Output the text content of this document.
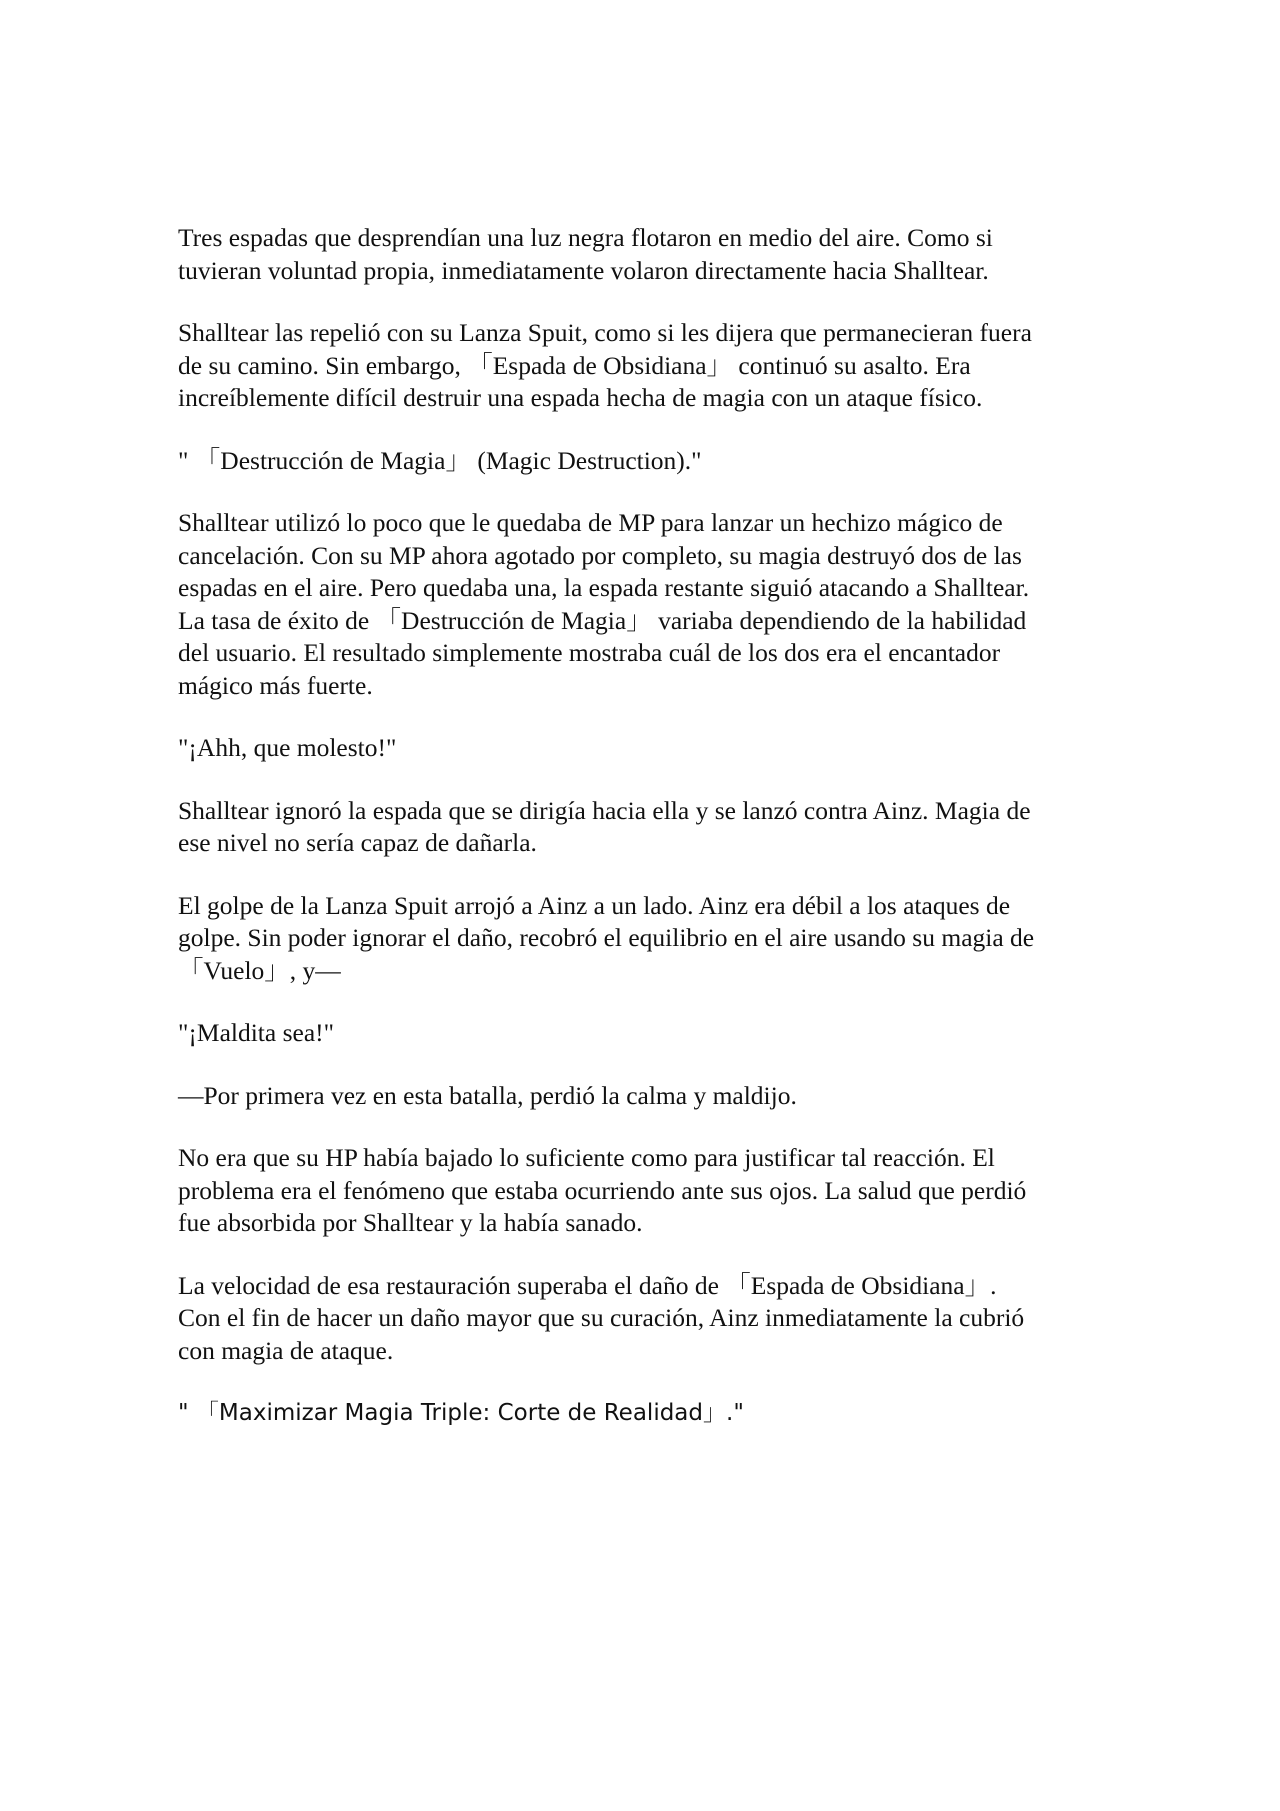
Tres espadas que desprendían una luz negra flotaron en medio del aire. Como si
tuvieran voluntad propia, inmediatamente volaron directamente hacia Shalltear.

Shalltear las repelió con su Lanza Spuit, como si les dijera que permanecieran fuera
de su camino. Sin embargo, 「Espada de Obsidiana」 continuó su asalto. Era
increíblemente difícil destruir una espada hecha de magia con un ataque físico.

" 「Destrucción de Magia」 (Magic Destruction)."

Shalltear utilizó lo poco que le quedaba de MP para lanzar un hechizo mágico de
cancelación. Con su MP ahora agotado por completo, su magia destruyó dos de las
espadas en el aire. Pero quedaba una, la espada restante siguió atacando a Shalltear.
La tasa de éxito de 「Destrucción de Magia」 variaba dependiendo de la habilidad
del usuario. El resultado simplemente mostraba cuál de los dos era el encantador
mágico más fuerte.

"¡Ahh, que molesto!"

Shalltear ignoró la espada que se dirigía hacia ella y se lanzó contra Ainz. Magia de
ese nivel no sería capaz de dañarla.

El golpe de la Lanza Spuit arrojó a Ainz a un lado. Ainz era débil a los ataques de
golpe. Sin poder ignorar el daño, recobró el equilibrio en el aire usando su magia de
「Vuelo」, y—

"¡Maldita sea!"

—Por primera vez en esta batalla, perdió la calma y maldijo.

No era que su HP había bajado lo suficiente como para justificar tal reacción. El
problema era el fenómeno que estaba ocurriendo ante sus ojos. La salud que perdió
fue absorbida por Shalltear y la había sanado.

La velocidad de esa restauración superaba el daño de 「Espada de Obsidiana」.
Con el fin de hacer un daño mayor que su curación, Ainz inmediatamente la cubrió
con magia de ataque.

" 「Maximizar Magia Triple: Corte de Realidad」."
